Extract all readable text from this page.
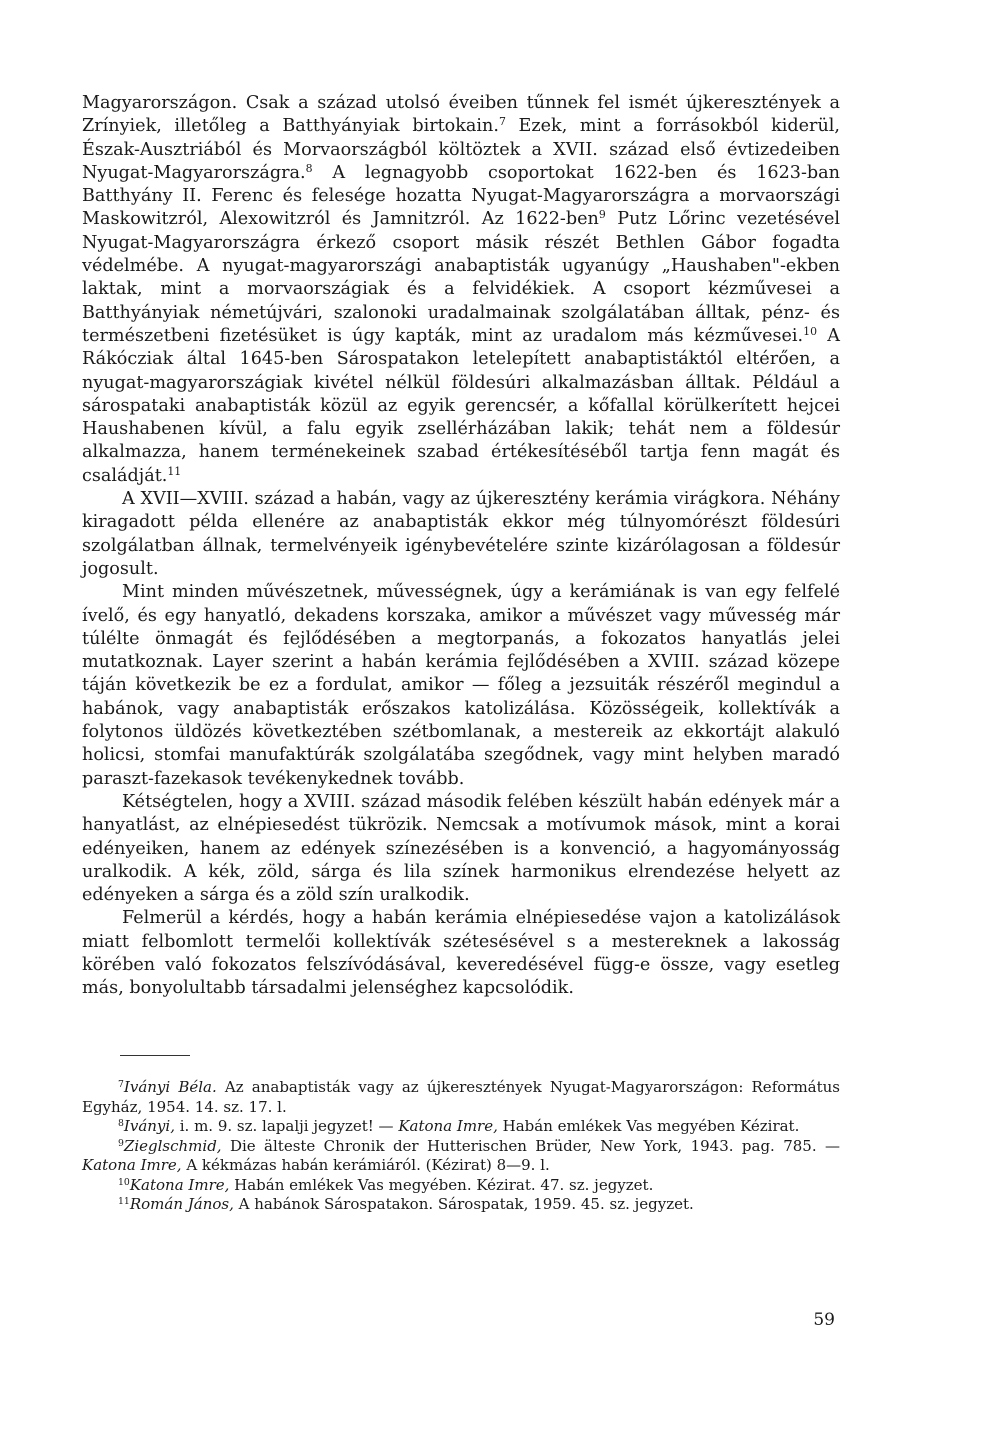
Magyarországon. Csak a század utolsó éveiben tűnnek fel ismét újkeresztények a Zrínyiek, illetőleg a Batthyányiak birtokain.$^7$ Ezek, mint a forrásokból kiderül, Észak-Ausztriából és Morvaországból költöztek a XVII. század első évtizedeiben Nyugat-Magyarországra.$^8$ A legnagyobb csoportokat 1622-ben és 1623-ban Batthyány II. Ferenc és felesége hozatta Nyugat-Magyarországra a morvaországi Maskowitzról, Alexowitzról és Jamnitzról. Az 1622-ben$^9$ Putz Lőrinc vezetésével Nyugat-Magyarországra érkező csoport másik részét Bethlen Gábor fogadta védelmébe. A nyugat-magyarországi anabaptisták ugyanúgy „Haushaben"-ekben laktak, mint a morvaországiak és a felvidékiek. A csoport kézművesei a Batthyányiak németújvári, szalonoki uradalmainak szolgálatában álltak, pénz- és természetbeni fizetésüket is úgy kapták, mint az uradalom más kézművesei.$^{10}$ A Rákócziak által 1645-ben Sárospatakon letelepített anabaptistáktól eltérően, a nyugat-magyarországiak kivétel nélkül földesúri alkalmazásban álltak. Például a sárospataki anabaptisták közül az egyik gerencsér, a kőfallal körülkerített hejcei Haushabenen kívül, a falu egyik zsellérházában lakik; tehát nem a földesúr alkalmazza, hanem terménekeinek szabad értékesítéséből tartja fenn magát és családját.$^{11}$

A XVII—XVIII. század a habán, vagy az újkeresztény kerámia virágkora. Néhány kiragadott példa ellenére az anabaptisták ekkor még túlnyomórészt földesúri szolgálatban állnak, termelvényeik igénybevételére szinte kizárólagosan a földesúr jogosult.

Mint minden művészetnek, művességnek, úgy a kerámiának is van egy felfelé ívelő, és egy hanyatló, dekadens korszaka, amikor a művészet vagy művesség már túlélte önmagát és fejlődésében a megtorpanás, a fokozatos hanyatlás jelei mutatkoznak. Layer szerint a habán kerámia fejlődésében a XVIII. század közepe táján következik be ez a fordulat, amikor — főleg a jezsuiták részéről megindul a habánok, vagy anabaptisták erőszakos katolizálása. Közösségeik, kollektívák a folytonos üldözés következtében szétbomlanak, a mestereik az ekkortájt alakuló holicsi, stomfai manufaktúrák szolgálatába szegődnek, vagy mint helyben maradó paraszt-fazekasok tevékenykednek tovább.

Kétségtelen, hogy a XVIII. század második felében készült habán edények már a hanyatlást, az elnépiesedést tükrözik. Nemcsak a motívumok mások, mint a korai edényeiken, hanem az edények színezésében is a konvenció, a hagyományosság uralkodik. A kék, zöld, sárga és lila színek harmonikus elrendezése helyett az edényeken a sárga és a zöld szín uralkodik.

Felmerül a kérdés, hogy a habán kerámia elnépiesedése vajon a katolizálások miatt felbomlott termelői kollektívák szétesésével s a mestereknek a lakosság körében való fokozatos felszívódásával, keveredésével függ-e össze, vagy esetleg más, bonyolultabb társadalmi jelenséghez kapcsolódik.

$^7$Iványi Béla. Az anabaptisták vagy az újkeresztények Nyugat-Magyarországon: Református Egyház, 1954. 14. sz. 17. l.

$^8$Iványi, i. m. 9. sz. lapalji jegyzet! — Katona Imre, Habán emlékek Vas megyében Kézirat.

$^9$Zieglschmid, Die älteste Chronik der Hutterischen Brüder, New York, 1943. pag. 785. — Katona Imre, A kékmázas habán kerámiáról. (Kézirat) 8—9. l.

$^{10}$Katona Imre, Habán emlékek Vas megyében. Kézirat. 47. sz. jegyzet.

$^{11}$Román János, A habánok Sárospatakon. Sárospatak, 1959. 45. sz. jegyzet.

59
